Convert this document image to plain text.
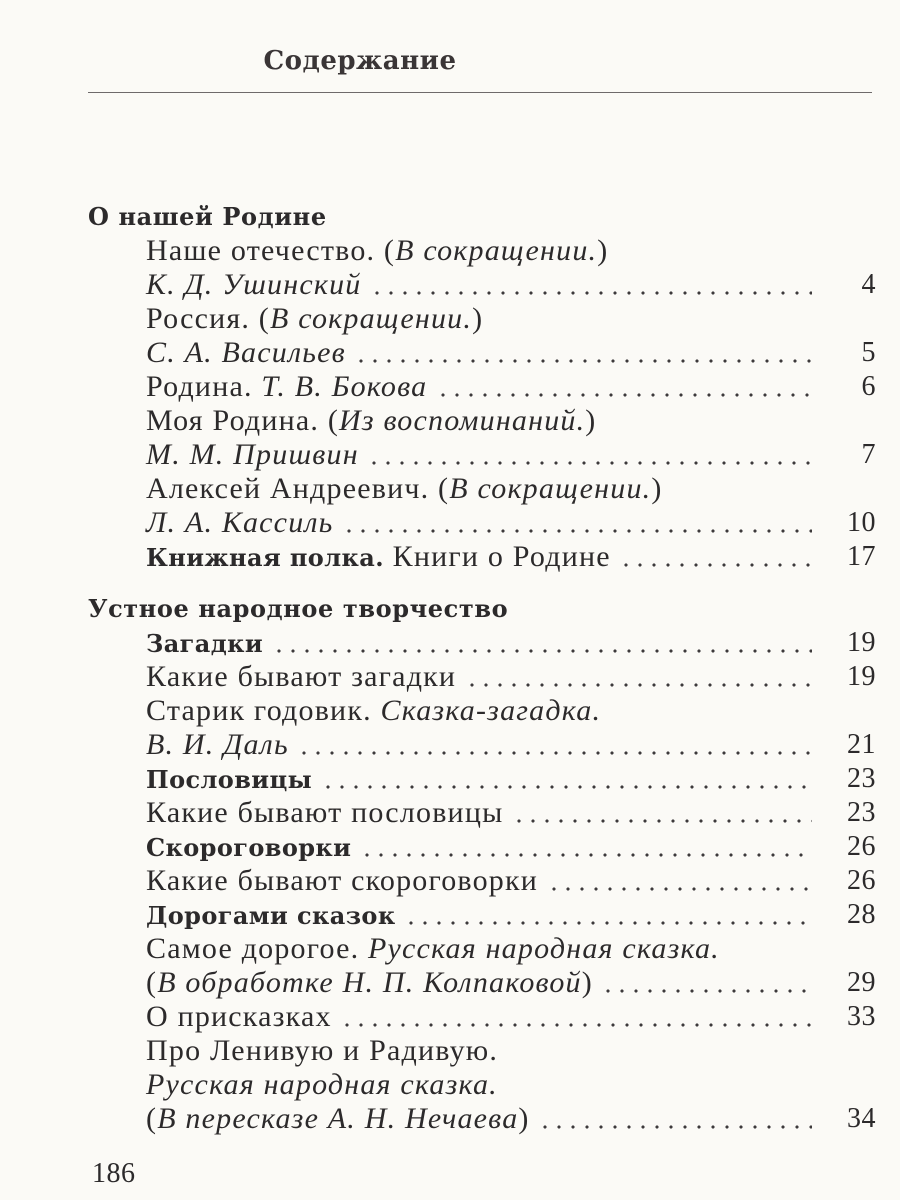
Содержание
О нашей Родине
Наше отечество. (В сокращении.)
К. Д. Ушинский	4
Россия. (В сокращении.)
С. А. Васильев	5
Родина. Т. В. Бокова	6
Моя Родина. (Из воспоминаний.)
М. М. Пришвин	7
Алексей Андреевич. (В сокращении.)
Л. А. Кассиль	10
Книжная полка. Книги о Родине	17
Устное народное творчество
Загадки	19
Какие бывают загадки	19
Старик годовик. Сказка-загадка.
В. И. Даль	21
Пословицы	23
Какие бывают пословицы	23
Скороговорки	26
Какие бывают скороговорки	26
Дорогами сказок	28
Самое дорогое. Русская народная сказка.
(В обработке Н. П. Колпаковой)	29
О присказках	33
Про Ленивую и Радивую.
Русская народная сказка.
(В пересказе А. Н. Нечаева)	34
186
